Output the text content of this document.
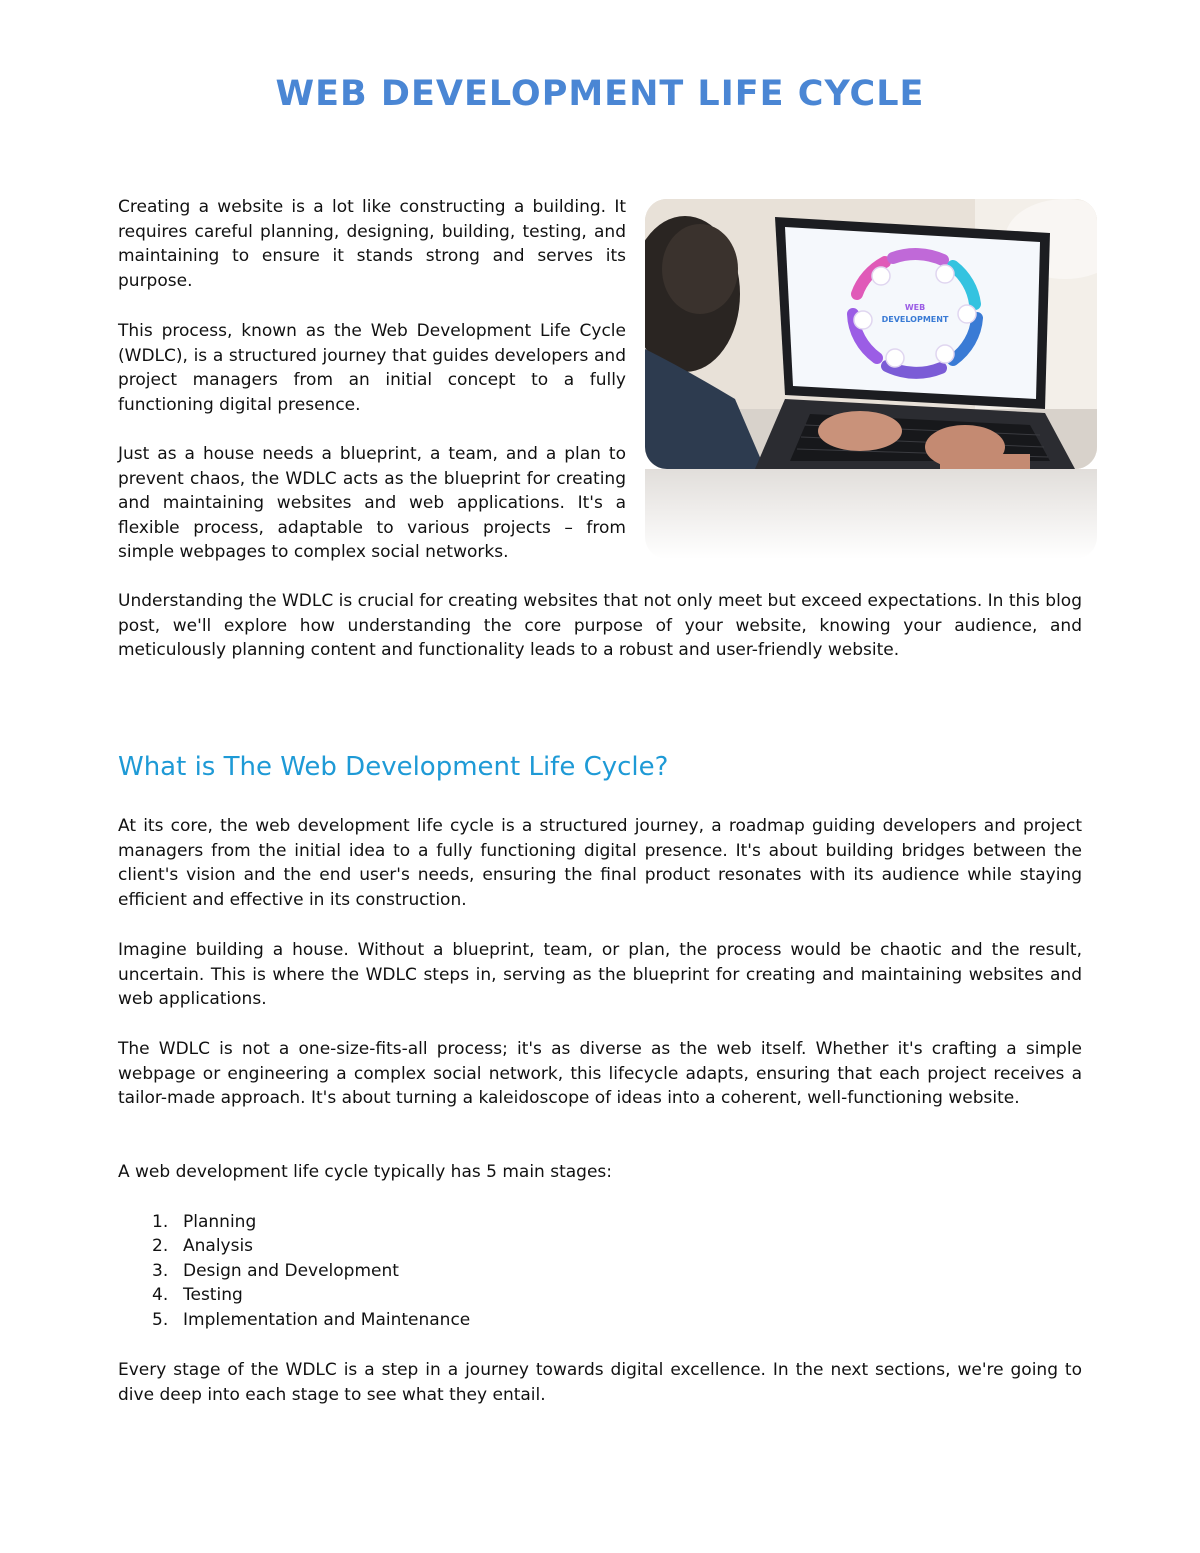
WEB DEVELOPMENT LIFE CYCLE

Creating a website is a lot like constructing a building. It requires careful planning, designing, building, testing, and maintaining to ensure it stands strong and serves its purpose.

This process, known as the Web Development Life Cycle (WDLC), is a structured journey that guides developers and project managers from an initial concept to a fully functioning digital presence.

Just as a house needs a blueprint, a team, and a plan to prevent chaos, the WDLC acts as the blueprint for creating and maintaining websites and web applications. It's a flexible process, adaptable to various projects – from simple webpages to complex social networks.

WEB
DEVELOPMENT

Understanding the WDLC is crucial for creating websites that not only meet but exceed expectations. In this blog post, we'll explore how understanding the core purpose of your website, knowing your audience, and meticulously planning content and functionality leads to a robust and user-friendly website.

What is The Web Development Life Cycle?

At its core, the web development life cycle is a structured journey, a roadmap guiding developers and project managers from the initial idea to a fully functioning digital presence. It's about building bridges between the client's vision and the end user's needs, ensuring the final product resonates with its audience while staying efficient and effective in its construction.

Imagine building a house. Without a blueprint, team, or plan, the process would be chaotic and the result, uncertain. This is where the WDLC steps in, serving as the blueprint for creating and maintaining websites and web applications.

The WDLC is not a one-size-fits-all process; it's as diverse as the web itself. Whether it's crafting a simple webpage or engineering a complex social network, this lifecycle adapts, ensuring that each project receives a tailor-made approach. It's about turning a kaleidoscope of ideas into a coherent, well-functioning website.

A web development life cycle typically has 5 main stages:

1. Planning
2. Analysis
3. Design and Development
4. Testing
5. Implementation and Maintenance

Every stage of the WDLC is a step in a journey towards digital excellence. In the next sections, we're going to dive deep into each stage to see what they entail.
